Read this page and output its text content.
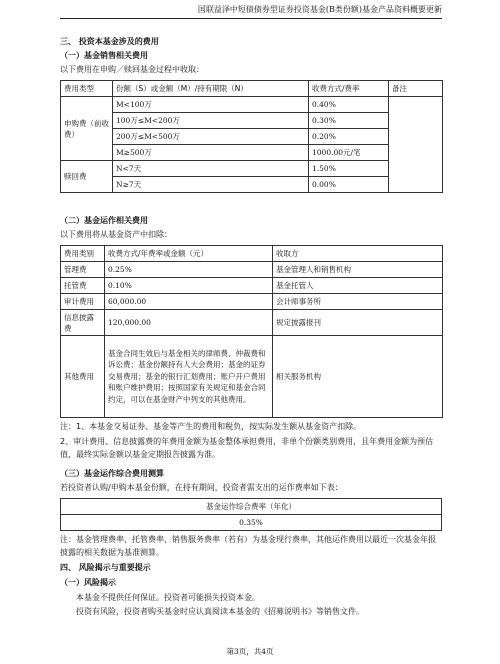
国联益泽中短债债券型证券投资基金(B类份额)基金产品资料概要更新
三、 投资本基金涉及的费用
（一）基金销售相关费用
以下费用在申购／赎回基金过程中收取：
费用类型	份额（S）或金额（M）/持有期限（N）	收费方式/费率	备注
申购费（前收费）	M<100万	0.40%	
	100万≤M<200万	0.30%	
	200万≤M<500万	0.20%	
	M≥500万	1000.00元/笔	
赎回费	N<7天	1.50%	
	N≥7天	0.00%	
（二）基金运作相关费用
以下费用将从基金资产中扣除：
费用类别	收费方式/年费率或金额（元）	收取方
管理费	0.25%	基金管理人和销售机构
托管费	0.10%	基金托管人
审计费用	60,000.00	会计师事务所
信息披露费	120,000.00	规定披露报刊
其他费用	基金合同生效后与基金相关的律师费、仲裁费和诉讼费；基金份额持有人大会费用；基金的证券交易费用；基金的银行汇划费用；账户开户费用和账户维护费用；按照国家有关规定和基金合同约定，可以在基金财产中列支的其他费用。	相关服务机构
注：1、本基金交易证券、基金等产生的费用和税负，按实际发生额从基金资产扣除。
2、审计费用、信息披露费的年费用金额为基金整体承担费用，非单个份额类别费用，且年费用金额为预估值，最终实际金额以基金定期报告披露为准。
（三）基金运作综合费用测算
若投资者认购/申购本基金份额，在持有期间，投资者需支出的运作费率如下表：
基金运作综合费率（年化）
0.35%
注：基金管理费率、托管费率、销售服务费率（若有）为基金现行费率，其他运作费用以最近一次基金年报披露的相关数据为基准测算。
四、 风险揭示与重要提示
（一）风险揭示
本基金不提供任何保证。投资者可能损失投资本金。
投资有风险，投资者购买基金时应认真阅读本基金的《招募说明书》等销售文件。
第3页，共4页
